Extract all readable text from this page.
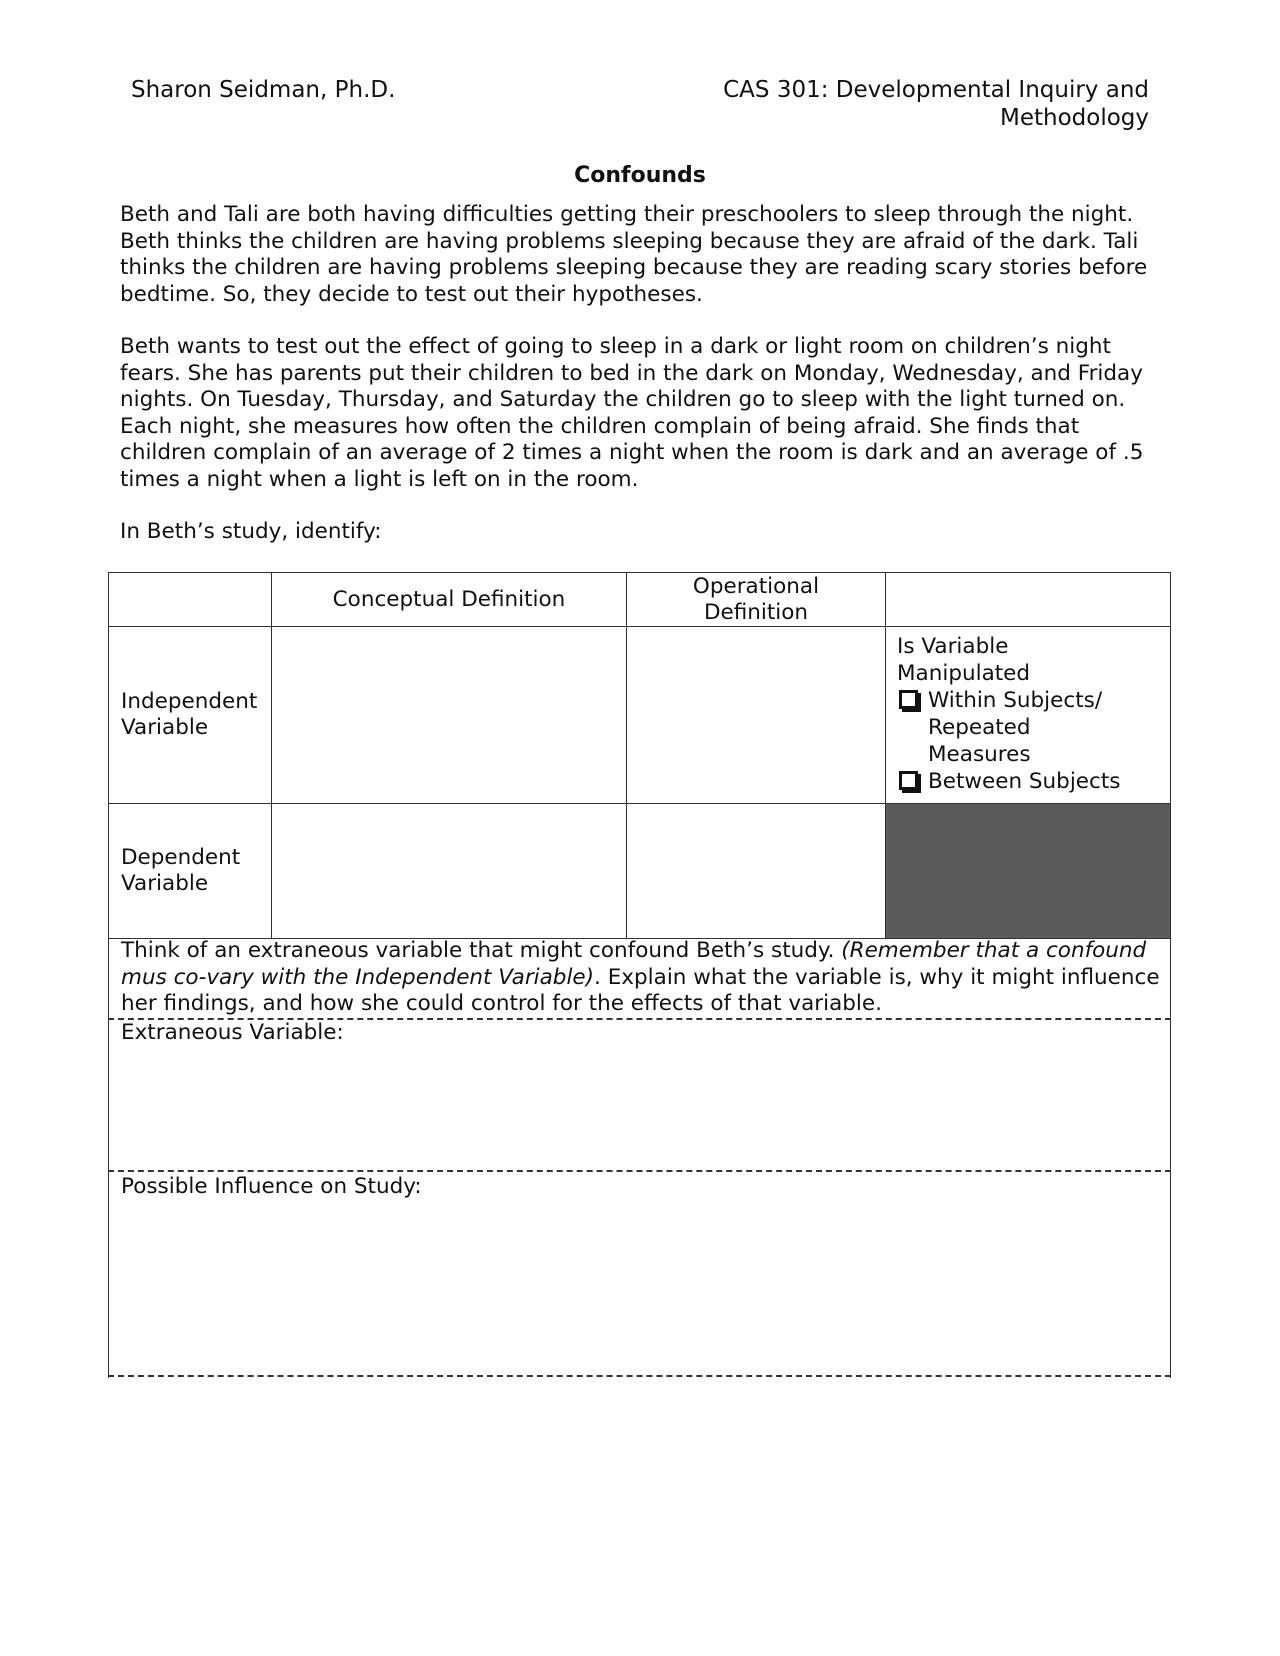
Sharon Seidman, Ph.D.	CAS 301: Developmental Inquiry and
Methodology
Confounds

Beth and Tali are both having difficulties getting their preschoolers to sleep through the night. Beth thinks the children are having problems sleeping because they are afraid of the dark. Tali thinks the children are having problems sleeping because they are reading scary stories before bedtime. So, they decide to test out their hypotheses.

Beth wants to test out the effect of going to sleep in a dark or light room on children’s night fears. She has parents put their children to bed in the dark on Monday, Wednesday, and Friday nights. On Tuesday, Thursday, and Saturday the children go to sleep with the light turned on. Each night, she measures how often the children complain of being afraid. She finds that children complain of an average of 2 times a night when the room is dark and an average of .5 times a night when a light is left on in the room.

In Beth’s study, identify:

Conceptual Definition
Operational Definition
Independent Variable
Is Variable Manipulated
Within Subjects/ Repeated Measures
Between Subjects
Dependent Variable
Think of an extraneous variable that might confound Beth’s study. (Remember that a confound mus co-vary with the Independent Variable). Explain what the variable is, why it might influence her findings, and how she could control for the effects of that variable.
Extraneous Variable:
Possible Influence on Study:
